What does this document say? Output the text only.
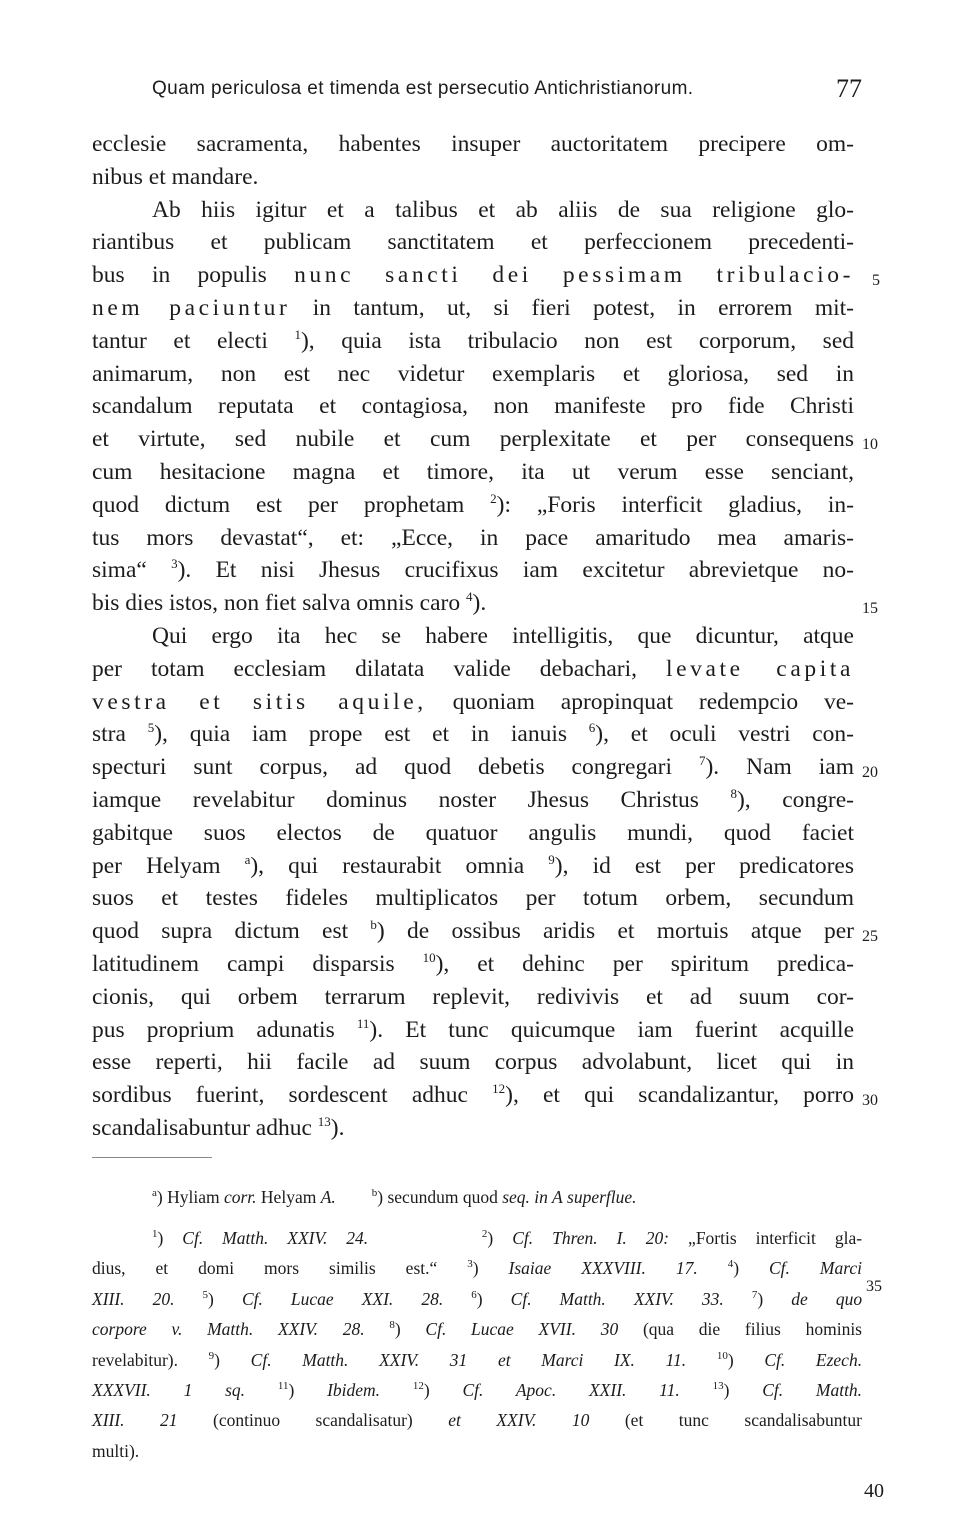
Quam periculosa et timenda est persecutio Antichristianorum.	77
ecclesie sacramenta, habentes insuper auctoritatem precipere om-
nibus et mandare.
Ab hiis igitur et a talibus et ab aliis de sua religione glo-
riantibus et publicam sanctitatem et perfeccionem precedenti-
bus in populis nunc sancti dei pessimam tribulacio-
nem paciuntur in tantum, ut, si fieri potest, in errorem mit-
tantur et electi $^1$), quia ista tribulacio non est corporum, sed
animarum, non est nec videtur exemplaris et gloriosa, sed in
scandalum reputata et contagiosa, non manifeste pro fide Christi
et virtute, sed nubile et cum perplexitate et per consequens
cum hesitacione magna et timore, ita ut verum esse senciant,
quod dictum est per prophetam $^2$): „Foris interficit gladius, in-
tus mors devastat“, et: „Ecce, in pace amaritudo mea amaris-
sima“ $^3$). Et nisi Jhesus crucifixus iam excitetur abrevietque no-
bis dies istos, non fiet salva omnis caro $^4$).
Qui ergo ita hec se habere intelligitis, que dicuntur, atque
per totam ecclesiam dilatata valide debachari, levate capita
vestra et sitis aquile, quoniam apropinquat redempcio ve-
stra $^5$), quia iam prope est et in ianuis $^6$), et oculi vestri con-
specturi sunt corpus, ad quod debetis congregari $^7$). Nam iam
iamque revelabitur dominus noster Jhesus Christus $^8$), congre-
gabitque suos electos de quatuor angulis mundi, quod faciet
per Helyam $^a$), qui restaurabit omnia $^9$), id est per predicatores
suos et testes fideles multiplicatos per totum orbem, secundum
quod supra dictum est $^b$) de ossibus aridis et mortuis atque per
latitudinem campi disparsis $^{10}$), et dehinc per spiritum predica-
cionis, qui orbem terrarum replevit, redivivis et ad suum cor-
pus proprium adunatis $^{11}$). Et tunc quicumque iam fuerint acquille
esse reperti, hii facile ad suum corpus advolabunt, licet qui in
sordibus fuerint, sordescent adhuc $^{12}$), et qui scandalizantur, porro
scandalisabuntur adhuc $^{13}$).
5
10
15
20
25
30
$^a$) Hyliam corr. Helyam A.	$^b$) secundum quod seq. in A superflue.
$^1$) Cf. Matth. XXIV. 24.	$^2$) Cf. Thren. I. 20: „Fortis interficit gla-
dius, et domi mors similis est.“	$^3$) Isaiae XXXVIII. 17.	$^4$) Cf. Marci
XIII. 20.	$^5$) Cf. Lucae XXI. 28.	$^6$) Cf. Matth. XXIV. 33.	$^7$) de quo
corpore v. Matth. XXIV. 28. $^8$) Cf. Lucae XVII. 30 (qua die filius hominis
revelabitur).	$^9$) Cf. Matth. XXIV. 31 et Marci IX. 11.	$^{10}$) Cf. Ezech.
XXXVII. 1 sq.	$^{11}$) Ibidem.	$^{12}$) Cf. Apoc. XXII. 11.	$^{13}$) Cf. Matth.
XIII. 21 (continuo scandalisatur) et XXIV. 10 (et tunc scandalisabuntur
multi).
35
40
